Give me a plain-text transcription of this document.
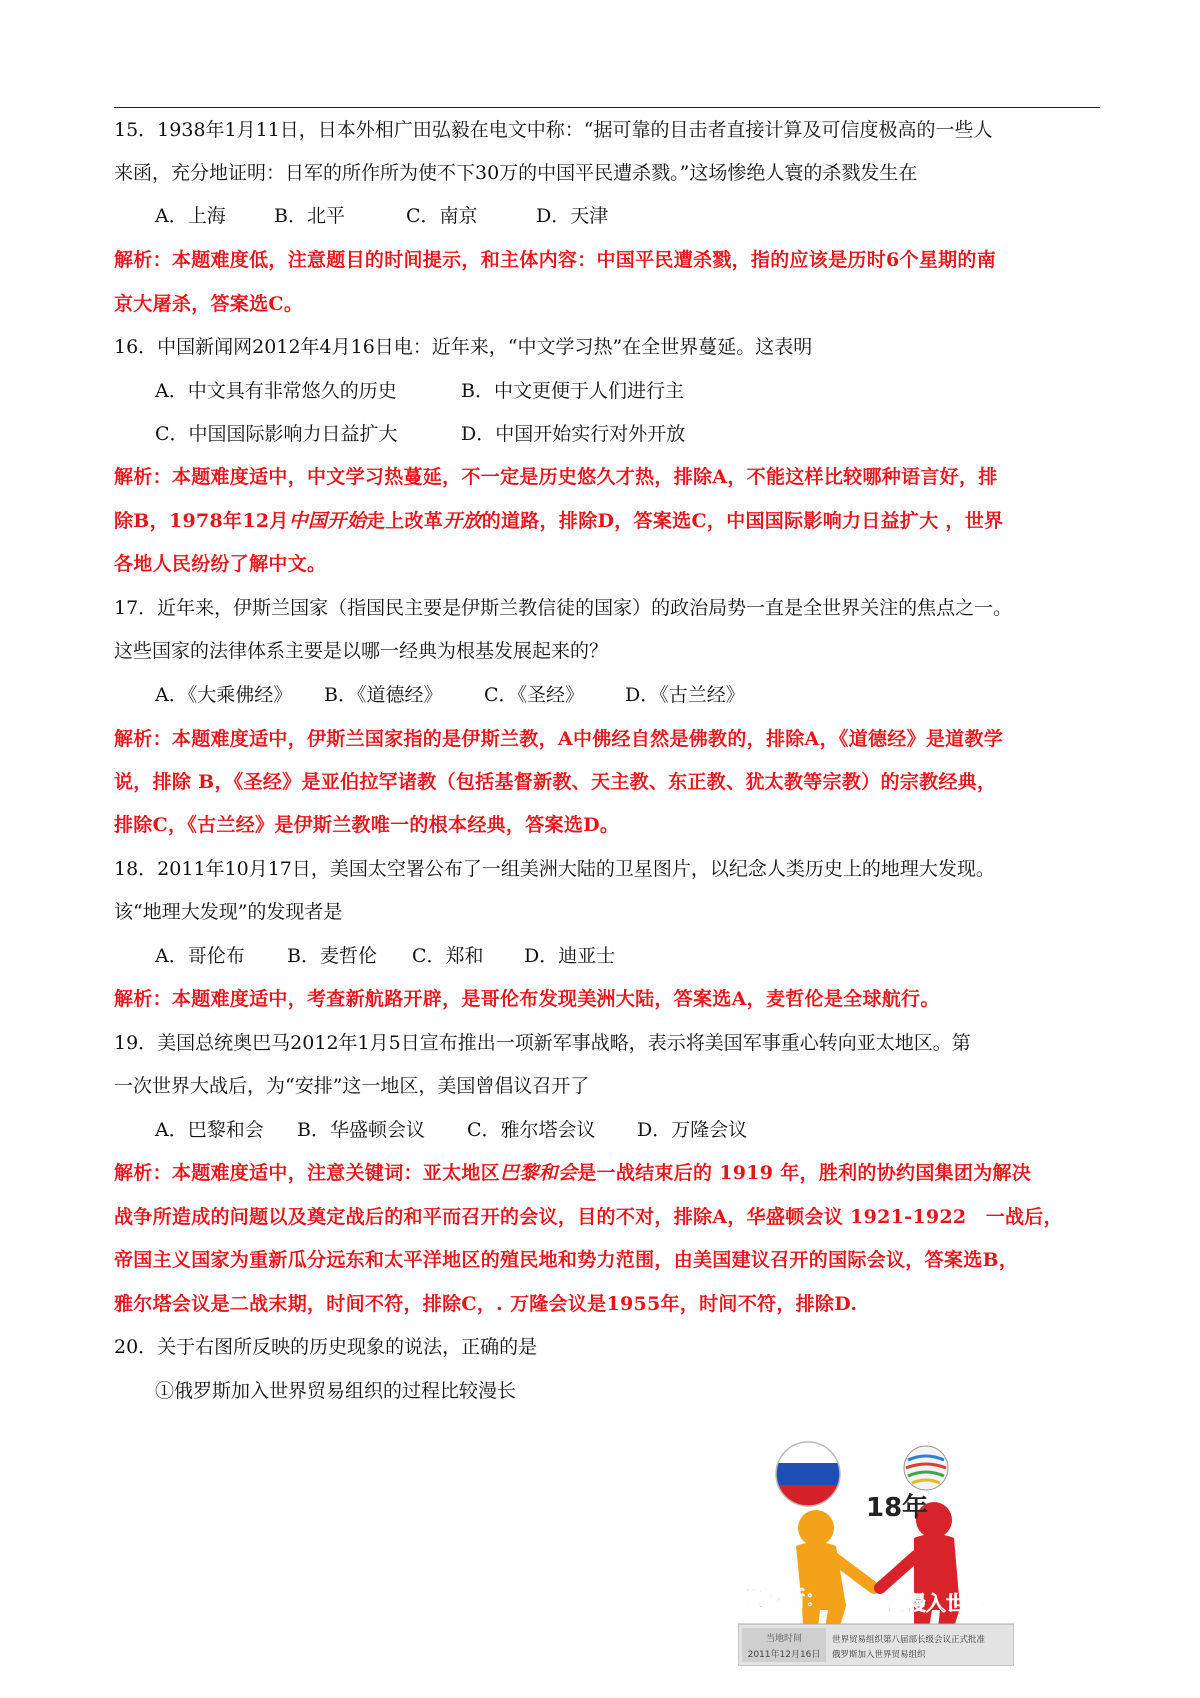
15．1938年1月11日，日本外相广田弘毅在电文中称：“据可靠的目击者直接计算及可信度极高的一些人
来函，充分地证明：日军的所作所为使不下30万的中国平民遭杀戮。”这场惨绝人寰的杀戮发生在
A．上海	B．北平	C．南京	D．天津
解析：本题难度低，注意题目的时间提示，和主体内容：中国平民遭杀戮，指的应该是历时6个星期的南
京大屠杀，答案选C。
16．中国新闻网2012年4月16日电：近年来，“中文学习热”在全世界蔓延。这表明
A．中文具有非常悠久的历史	B．中文更便于人们进行主
C．中国国际影响力日益扩大	D．中国开始实行对外开放
解析：本题难度适中，中文学习热蔓延，不一定是历史悠久才热，排除A，不能这样比较哪种语言好，排
除B，1978年12月中国开始走上改革开放的道路，排除D，答案选C，中国国际影响力日益扩大 ，世界
各地人民纷纷了解中文。
17．近年来，伊斯兰国家（指国民主要是伊斯兰教信徒的国家）的政治局势一直是全世界关注的焦点之一。
这些国家的法律体系主要是以哪一经典为根基发展起来的？
A．《大乘佛经》 B．《道德经》 C．《圣经》 D．《古兰经》
解析：本题难度适中，伊斯兰国家指的是伊斯兰教，A中佛经自然是佛教的，排除A，《道德经》是道教学
说，排除 B，《圣经》是亚伯拉罕诸教（包括基督新教、天主教、东正教、犹太教等宗教）的宗教经典，
排除C，《古兰经》是伊斯兰教唯一的根本经典，答案选D。
18．2011年10月17日，美国太空署公布了一组美洲大陆的卫星图片，以纪念人类历史上的地理大发现。
该“地理大发现”的发现者是
A．哥伦布 B．麦哲伦 C．郑和 D．迪亚士
解析：本题难度适中，考查新航路开辟，是哥伦布发现美洲大陆，答案选A，麦哲伦是全球航行。
19．美国总统奥巴马2012年1月5日宣布推出一项新军事战略，表示将美国军事重心转向亚太地区。第
一次世界大战后，为“安排”这一地区，美国曾倡议召开了
A．巴黎和会 B．华盛顿会议 C．雅尔塔会议 D．万隆会议
解析：本题难度适中，注意关键词：亚太地区巴黎和会是一战结束后的 1919 年，胜利的协约国集团为解决
战争所造成的问题以及奠定战后的和平而召开的会议，目的不对，排除A，华盛顿会议 1921-1922　一战后，
帝国主义国家为重新瓜分远东和太平洋地区的殖民地和势力范围，由美国建议召开的国际会议，答案选B，
雅尔塔会议是二战末期，时间不符，排除C，. 万隆会议是1955年，时间不符，排除D.
20．关于右图所反映的历史现象的说法，正确的是
①俄罗斯加入世界贸易组织的过程比较漫长
18年
俄罗斯：	漫漫入世路
当地时间
2011年12月16日
世界贸易组织第八届部长级会议正式批准
俄罗斯加入世界贸易组织
